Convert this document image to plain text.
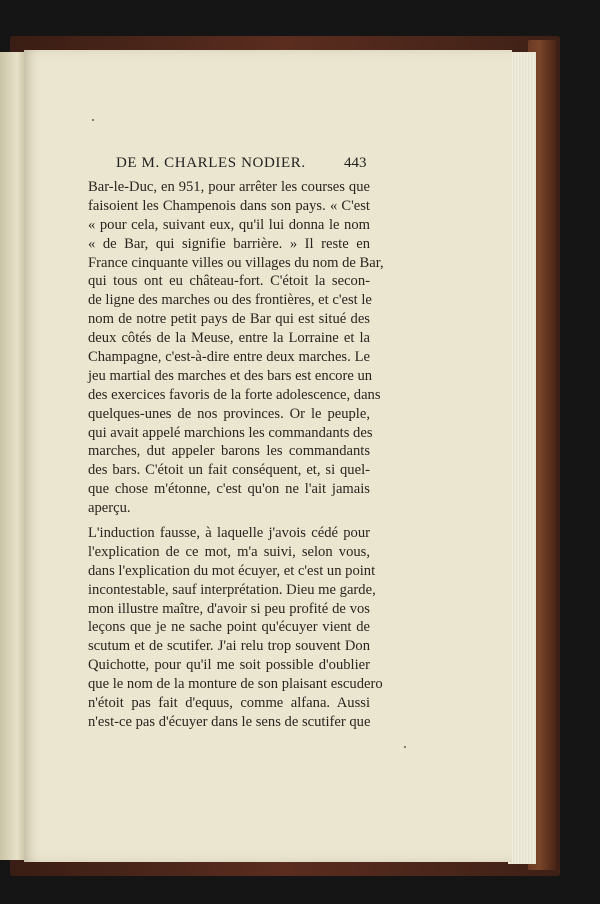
DE M. CHARLES NODIER.	443
Bar-le-Duc, en 951, pour arrêter les courses que
faisoient les Champenois dans son pays. « C'est
« pour cela, suivant eux, qu'il lui donna le nom
« de Bar, qui signifie barrière. » Il reste en
France cinquante villes ou villages du nom de Bar,
qui tous ont eu château-fort. C'étoit la secon-
de ligne des marches ou des frontières, et c'est le
nom de notre petit pays de Bar qui est situé des
deux côtés de la Meuse, entre la Lorraine et la
Champagne, c'est-à-dire entre deux marches. Le
jeu martial des marches et des bars est encore un
des exercices favoris de la forte adolescence, dans
quelques-unes de nos provinces. Or le peuple,
qui avait appelé marchions les commandants des
marches, dut appeler barons les commandants
des bars. C'étoit un fait conséquent, et, si quel-
que chose m'étonne, c'est qu'on ne l'ait jamais
aperçu.
L'induction fausse, à laquelle j'avois cédé pour
l'explication de ce mot, m'a suivi, selon vous,
dans l'explication du mot écuyer, et c'est un point
incontestable, sauf interprétation. Dieu me garde,
mon illustre maître, d'avoir si peu profité de vos
leçons que je ne sache point qu'écuyer vient de
scutum et de scutifer. J'ai relu trop souvent Don
Quichotte, pour qu'il me soit possible d'oublier
que le nom de la monture de son plaisant escudero
n'étoit pas fait d'equus, comme alfana. Aussi
n'est-ce pas d'écuyer dans le sens de scutifer que
